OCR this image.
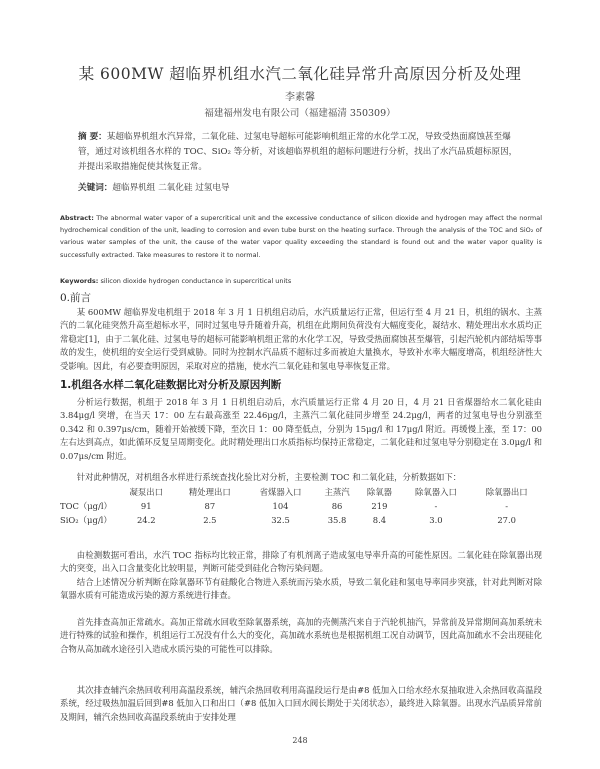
某 600MW 超临界机组水汽二氧化硅异常升高原因分析及处理
李素馨
福建福州发电有限公司（福建福清 350309）
摘 要：某超临界机组水汽异常，二氧化硅、过氢电导超标可能影响机组正常的水化学工况，导致受热面腐蚀甚至爆管，通过对该机组各水样的 TOC、SiO₂ 等分析，对该超临界机组的超标问题进行分析，找出了水汽品质超标原因，并提出采取措施促使其恢复正常。
关键词：超临界机组 二氧化硅 过氢电导
Abstract: The abnormal water vapor of a supercritical unit and the excessive conductance of silicon dioxide and hydrogen may affect the normal hydrochemical condition of the unit, leading to corrosion and even tube burst on the heating surface. Through the analysis of the TOC and SiO₂ of various water samples of the unit, the cause of the water vapor quality exceeding the standard is found out and the water vapor quality is successfully extracted. Take measures to restore it to normal.
Keywords: silicon dioxide hydrogen conductance in supercritical units
0.前言

某 600MW 超临界发电机组于 2018 年 3 月 1 日机组启动后，水汽质量运行正常，但运行至 4 月 21 日，机组的锅水、主蒸汽的二氧化硅突然升高至超标水平，同时过氢电导升随着升高，机组在此期间负荷没有大幅度变化，凝结水、精处理出水水质均正常稳定[1]，由于二氧化硅、过氢电导的超标可能影响机组正常的水化学工况，导致受热面腐蚀甚至爆管，引起汽轮机内部结垢等事故的发生，使机组的安全运行受到威胁。同时为控制水汽品质不超标过多而被迫大量换水，导致补水率大幅度增高，机组经济性大受影响。因此，有必要查明原因，采取对应的措施，使水汽二氧化硅和氢电导率恢复正常。

1.机组各水样二氧化硅数据比对分析及原因判断

分析运行数据，机组于 2018 年 3 月 1 日机组启动后，水汽质量运行正常 4 月 20 日，4 月 21 日省煤器给水二氧化硅由 3.84μg/l 突增，在当天 17：00 左右最高涨至 22.46μg/l，主蒸汽二氧化硅同步增至 24.2μg/l，两者的过氢电导也分别涨至 0.342 和 0.397μs/cm，随着开始被缓下降，至次日 1：00 降至低点，分别为 15μg/l 和 17μg/l 附近。再缓慢上涨，至 17：00 左右达到高点，如此循环反复呈周期变化。此时精处理出口水质指标均保持正常稳定，二氧化硅和过氢电导分别稳定在 3.0μg/l 和 0.07μs/cm 附近。

针对此种情况，对机组各水样进行系统查找化验比对分析，主要检测 TOC 和二氧化硅，分析数据如下：

	凝泵出口	精处理出口	省煤器入口	主蒸汽	除氧器	除氧器入口	除氧器出口
TOC（μg/l）	91	87	104	86	219	-	-
SiO₂（μg/l）	24.2	2.5	32.5	35.8	8.4	3.0	27.0

由检测数据可看出，水汽 TOC 指标均比较正常，排除了有机剂离子造成氢电导率升高的可能性原因。二氧化硅在除氧器出现大的突变，出入口含量变化比较明显，判断可能受到硅化合物污染问题。

结合上述情况分析判断在除氧器环节有硅酸化合物进入系统而污染水质，导致二氧化硅和氢电导率同步突涨，针对此判断对除氧器水质有可能造成污染的源方系统进行排查。

首先排查高加正常疏水。高加正常疏水回收至除氧器系统，高加的壳侧蒸汽来自于汽轮机抽汽，异常前及异常期间高加系统未进行特殊的试验和操作，机组运行工况没有什么大的变化，高加疏水系统也是根据机组工况自动调节，因此高加疏水不会出现硅化合物从高加疏水途径引入造成水质污染的可能性可以排除。

其次排查辅汽余热回收利用高温段系统，辅汽余热回收利用高温段运行是由#8 低加入口给水经水泵抽取进入余热回收高温段系统，经过吸热加温后回到#8 低加入口和出口（#8 低加入口回水阀长期处于关闭状态），最终进入除氧器。出现水汽品质异常前及期间，辅汽余热回收高温段系统由于安排处理

248
